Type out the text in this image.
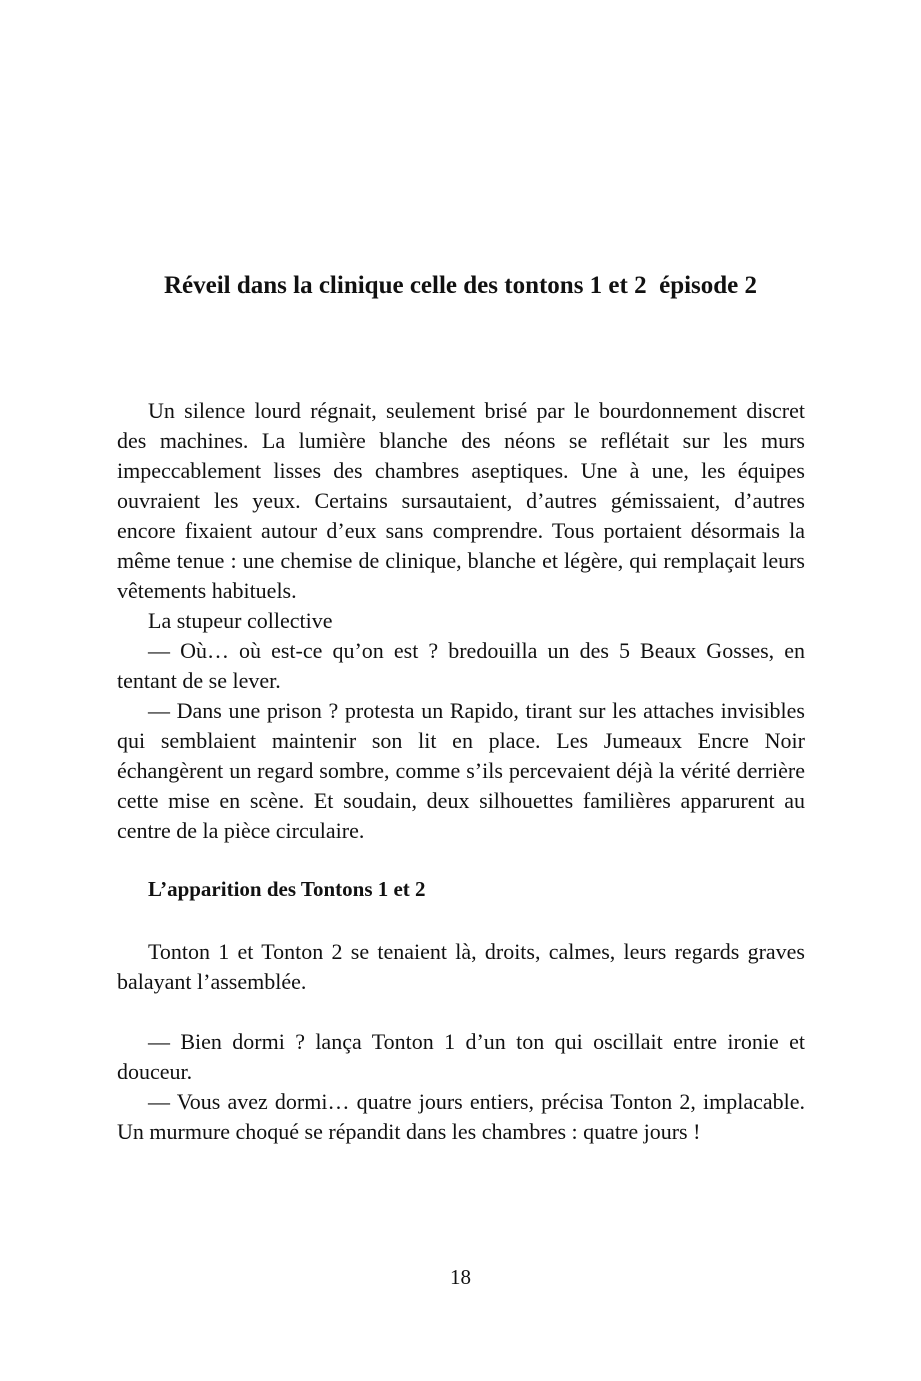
Réveil dans la clinique celle des tontons 1 et 2  épisode 2

Un silence lourd régnait, seulement brisé par le bourdonnement discret des machines. La lumière blanche des néons se reflétait sur les murs impeccablement lisses des chambres aseptiques. Une à une, les équipes ouvraient les yeux. Certains sursautaient, d’autres gémissaient, d’autres encore fixaient autour d’eux sans comprendre. Tous portaient désormais la même tenue : une chemise de clinique, blanche et légère, qui remplaçait leurs vêtements habituels.

La stupeur collective

— Où… où est-ce qu’on est ? bredouilla un des 5 Beaux Gosses, en tentant de se lever.

— Dans une prison ? protesta un Rapido, tirant sur les attaches invisibles qui semblaient maintenir son lit en place. Les Jumeaux Encre Noir échangèrent un regard sombre, comme s’ils percevaient déjà la vérité derrière cette mise en scène. Et soudain, deux silhouettes familières apparurent au centre de la pièce circulaire.

L’apparition des Tontons 1 et 2

Tonton 1 et Tonton 2 se tenaient là, droits, calmes, leurs regards graves balayant l’assemblée.

— Bien dormi ? lança Tonton 1 d’un ton qui oscillait entre ironie et douceur.

— Vous avez dormi… quatre jours entiers, précisa Tonton 2, implacable. Un murmure choqué se répandit dans les chambres : quatre jours !

18
